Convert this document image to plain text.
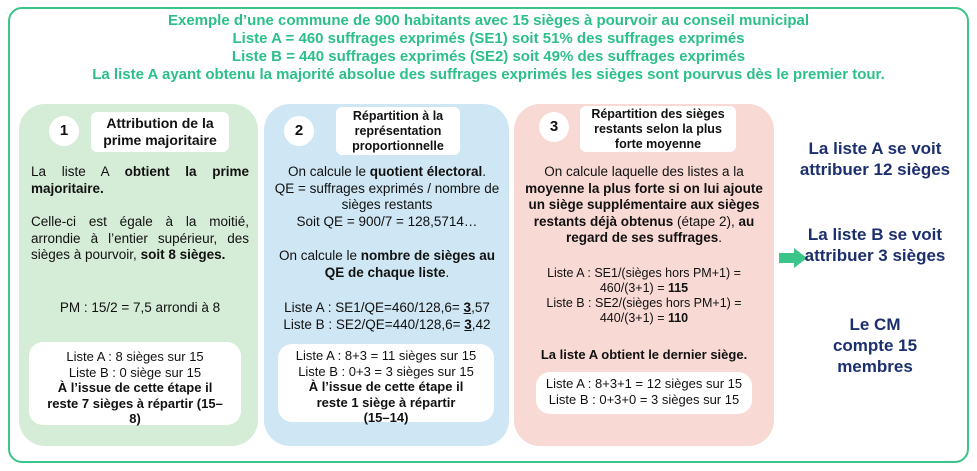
Exemple d’une commune de 900 habitants avec 15 sièges à pourvoir au conseil municipal
Liste A = 460 suffrages exprimés (SE1) soit 51% des suffrages exprimés
Liste B = 440 suffrages exprimés (SE2) soit 49% des suffrages exprimés
La liste A ayant obtenu la majorité absolue des suffrages exprimés les sièges sont pourvus dès le premier tour.
1	Attribution de la prime majoritaire
La liste A obtient la prime majoritaire.
Celle-ci est égale à la moitié, arrondie à l’entier supérieur, des sièges à pourvoir, soit 8 sièges.
PM : 15/2 = 7,5 arrondi à 8
Liste A : 8 sièges sur 15
Liste B : 0 siège sur 15
À l’issue de cette étape il reste 7 sièges à répartir (15–8)
2
Répartition à la représentation proportionnelle
On calcule le quotient électoral.
QE = suffrages exprimés / nombre de sièges restants
Soit QE = 900/7 = 128,5714…
On calcule le nombre de sièges au QE de chaque liste.
Liste A : SE1/QE=460/128,6= 3,57
Liste B : SE2/QE=440/128,6= 3,42
Liste A : 8+3 = 11 sièges sur 15
Liste B : 0+3 = 3 sièges sur 15
À l’issue de cette étape il reste 1 siège à répartir (15–14)
3
Répartition des sièges restants selon la plus forte moyenne
On calcule laquelle des listes a la moyenne la plus forte si on lui ajoute un siège supplémentaire aux sièges restants déjà obtenus (étape 2), au regard de ses suffrages.
Liste A : SE1/(sièges hors PM+1) =
460/(3+1) = 115
Liste B : SE2/(sièges hors PM+1) =
440/(3+1) = 110
La liste A obtient le dernier siège.
Liste A : 8+3+1 = 12 sièges sur 15
Liste B : 0+3+0 = 3 sièges sur 15
La liste A se voit attribuer 12 sièges
La liste B se voit attribuer 3 sièges
Le CM compte 15 membres
